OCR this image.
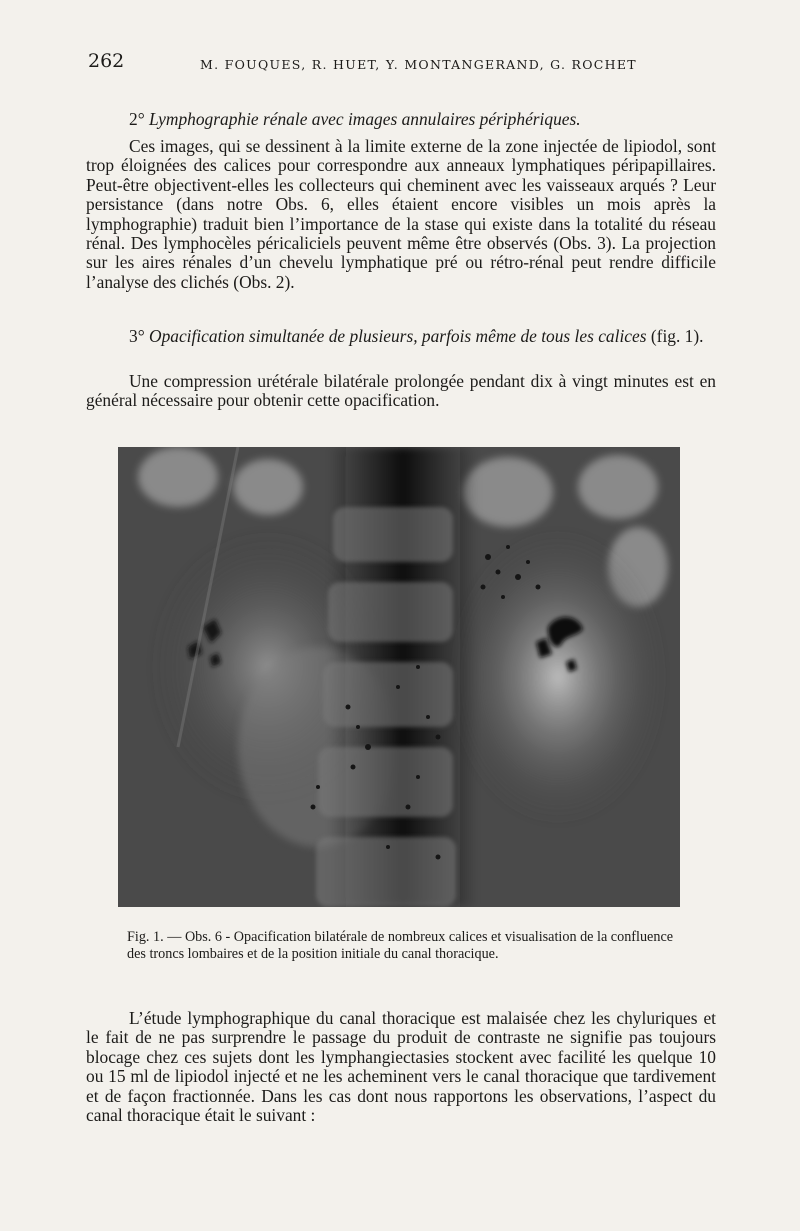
262	M. FOUQUES, R. HUET, Y. MONTANGERAND, G. ROCHET

2° Lymphographie rénale avec images annulaires périphériques.

Ces images, qui se dessinent à la limite externe de la zone injectée de lipiodol, sont trop éloignées des calices pour correspondre aux anneaux lymphatiques péripapillaires. Peut-être objectivent-elles les collecteurs qui cheminent avec les vaisseaux arqués ? Leur persistance (dans notre Obs. 6, elles étaient encore visibles un mois après la lymphographie) traduit bien l’importance de la stase qui existe dans la totalité du réseau rénal. Des lymphocèles péricaliciels peuvent même être observés (Obs. 3). La projection sur les aires rénales d’un chevelu lymphatique pré ou rétro-rénal peut rendre difficile l’analyse des clichés (Obs. 2).

3° Opacification simultanée de plusieurs, parfois même de tous les calices (fig. 1).

Une compression urétérale bilatérale prolongée pendant dix à vingt minutes est en général nécessaire pour obtenir cette opacification.

Fig. 1. — Obs. 6 - Opacification bilatérale de nombreux calices et visualisation de la confluence des troncs lombaires et de la position initiale du canal thoracique.

L’étude lymphographique du canal thoracique est malaisée chez les chyluriques et le fait de ne pas surprendre le passage du produit de contraste ne signifie pas toujours blocage chez ces sujets dont les lymphangiectasies stockent avec facilité les quelque 10 ou 15 ml de lipiodol injecté et ne les acheminent vers le canal thoracique que tardivement et de façon fractionnée. Dans les cas dont nous rapportons les observations, l’aspect du canal thoracique était le suivant :
